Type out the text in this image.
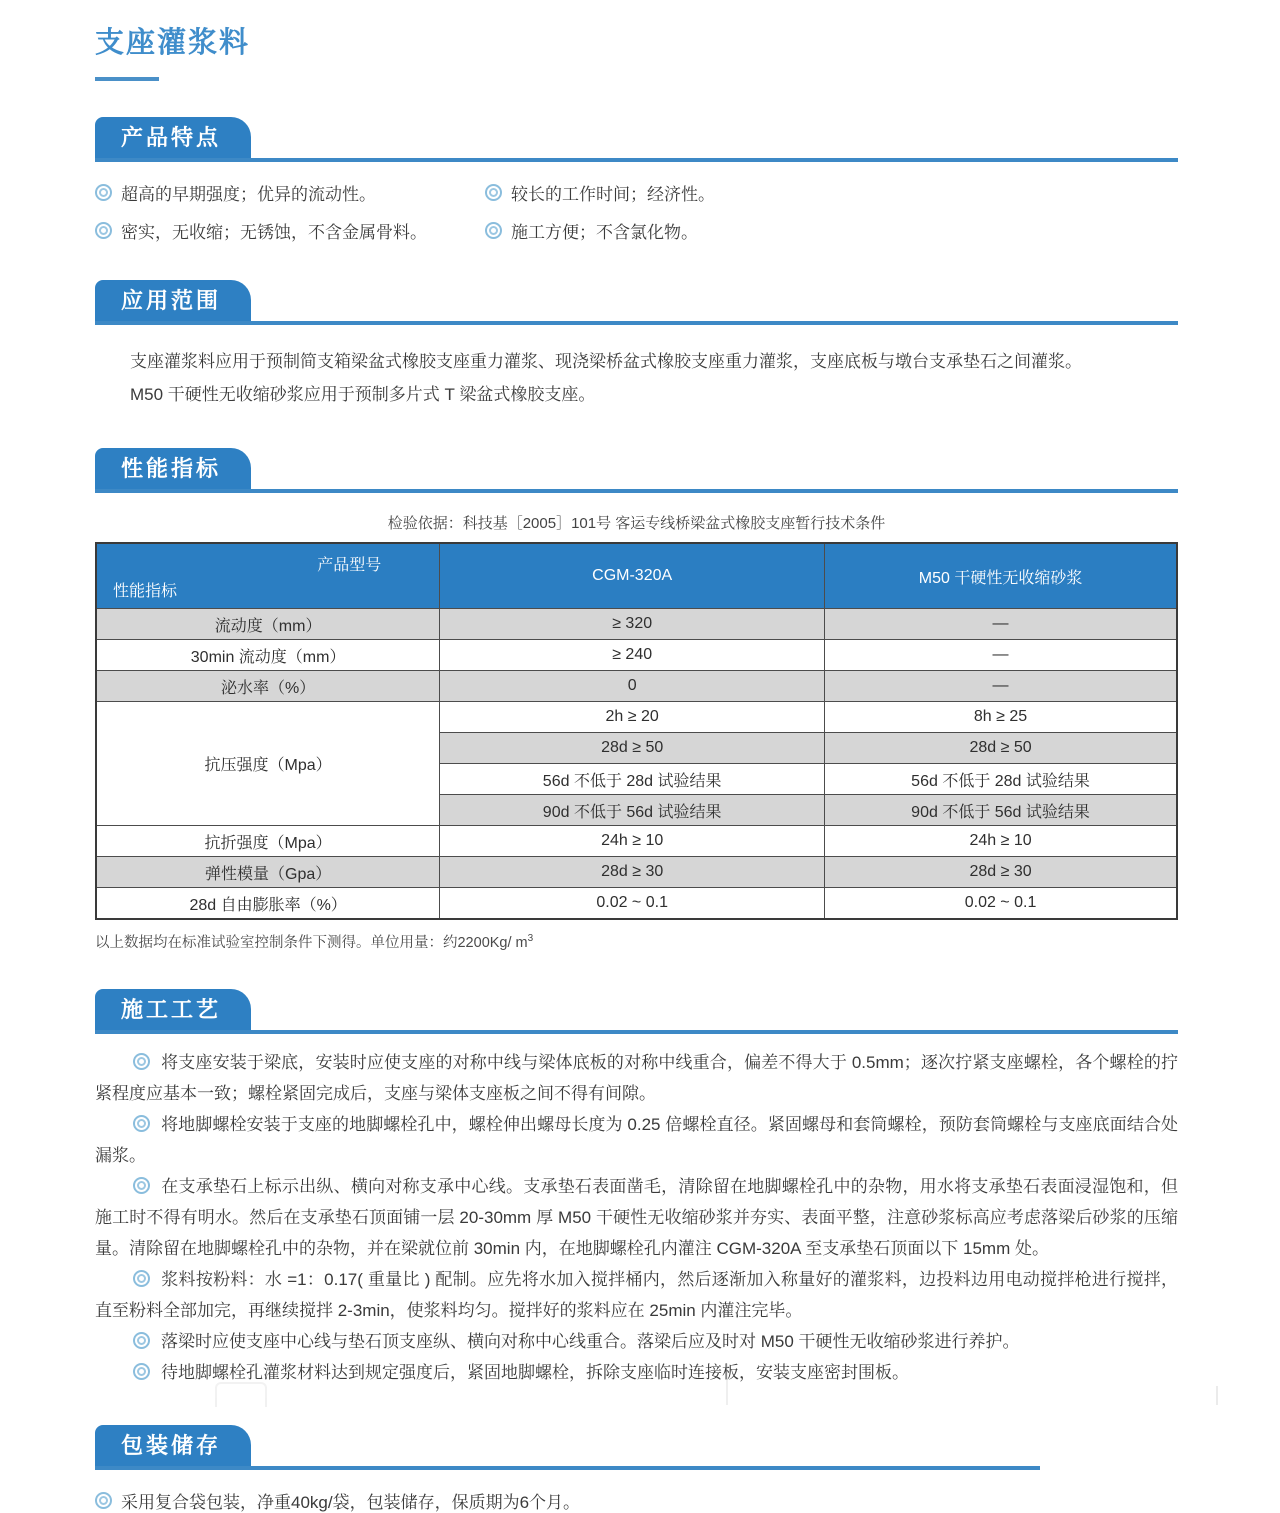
支座灌浆料
产品特点
超高的早期强度；优异的流动性。
密实，无收缩；无锈蚀，不含金属骨料。
较长的工作时间；经济性。
施工方便；不含氯化物。
应用范围
支座灌浆料应用于预制简支箱梁盆式橡胶支座重力灌浆、现浇梁桥盆式橡胶支座重力灌浆，支座底板与墩台支承垫石之间灌浆。
M50 干硬性无收缩砂浆应用于预制多片式 T 梁盆式橡胶支座。
性能指标
检验依据：科技基［2005］101号 客运专线桥梁盆式橡胶支座暂行技术条件
产品型号
性能指标	CGM-320A	M50 干硬性无收缩砂浆
流动度（mm）	≥ 320	—
30min 流动度（mm）	≥ 240	—
泌水率（%）	0	—
抗压强度（Mpa）	2h ≥ 20	8h ≥ 25
	28d ≥ 50	28d ≥ 50
	56d 不低于 28d 试验结果	56d 不低于 28d 试验结果
	90d 不低于 56d 试验结果	90d 不低于 56d 试验结果
抗折强度（Mpa）	24h ≥ 10	24h ≥ 10
弹性模量（Gpa）	28d ≥ 30	28d ≥ 30
28d 自由膨胀率（%）	0.02 ~ 0.1	0.02 ~ 0.1
以上数据均在标准试验室控制条件下测得。单位用量：约2200Kg/ $m^3$
施工工艺

将支座安装于梁底，安装时应使支座的对称中线与梁体底板的对称中线重合，偏差不得大于 0.5mm；逐次拧紧支座螺栓，各个螺栓的拧紧程度应基本一致；螺栓紧固完成后，支座与梁体支座板之间不得有间隙。

将地脚螺栓安装于支座的地脚螺栓孔中，螺栓伸出螺母长度为 0.25 倍螺栓直径。紧固螺母和套筒螺栓，预防套筒螺栓与支座底面结合处漏浆。

在支承垫石上标示出纵、横向对称支承中心线。支承垫石表面凿毛，清除留在地脚螺栓孔中的杂物，用水将支承垫石表面浸湿饱和，但施工时不得有明水。然后在支承垫石顶面铺一层 20-30mm 厚 M50 干硬性无收缩砂浆并夯实、表面平整，注意砂浆标高应考虑落梁后砂浆的压缩量。清除留在地脚螺栓孔中的杂物，并在梁就位前 30min 内，在地脚螺栓孔内灌注 CGM-320A 至支承垫石顶面以下 15mm 处。

浆料按粉料：水 =1：0.17( 重量比 ) 配制。应先将水加入搅拌桶内，然后逐渐加入称量好的灌浆料，边投料边用电动搅拌枪进行搅拌，直至粉料全部加完，再继续搅拌 2-3min，使浆料均匀。搅拌好的浆料应在 25min 内灌注完毕。

落梁时应使支座中心线与垫石顶支座纵、横向对称中心线重合。落梁后应及时对 M50 干硬性无收缩砂浆进行养护。

待地脚螺栓孔灌浆材料达到规定强度后，紧固地脚螺栓，拆除支座临时连接板，安装支座密封围板。

包装储存
采用复合袋包装，净重40kg/袋，包装储存，保质期为6个月。
